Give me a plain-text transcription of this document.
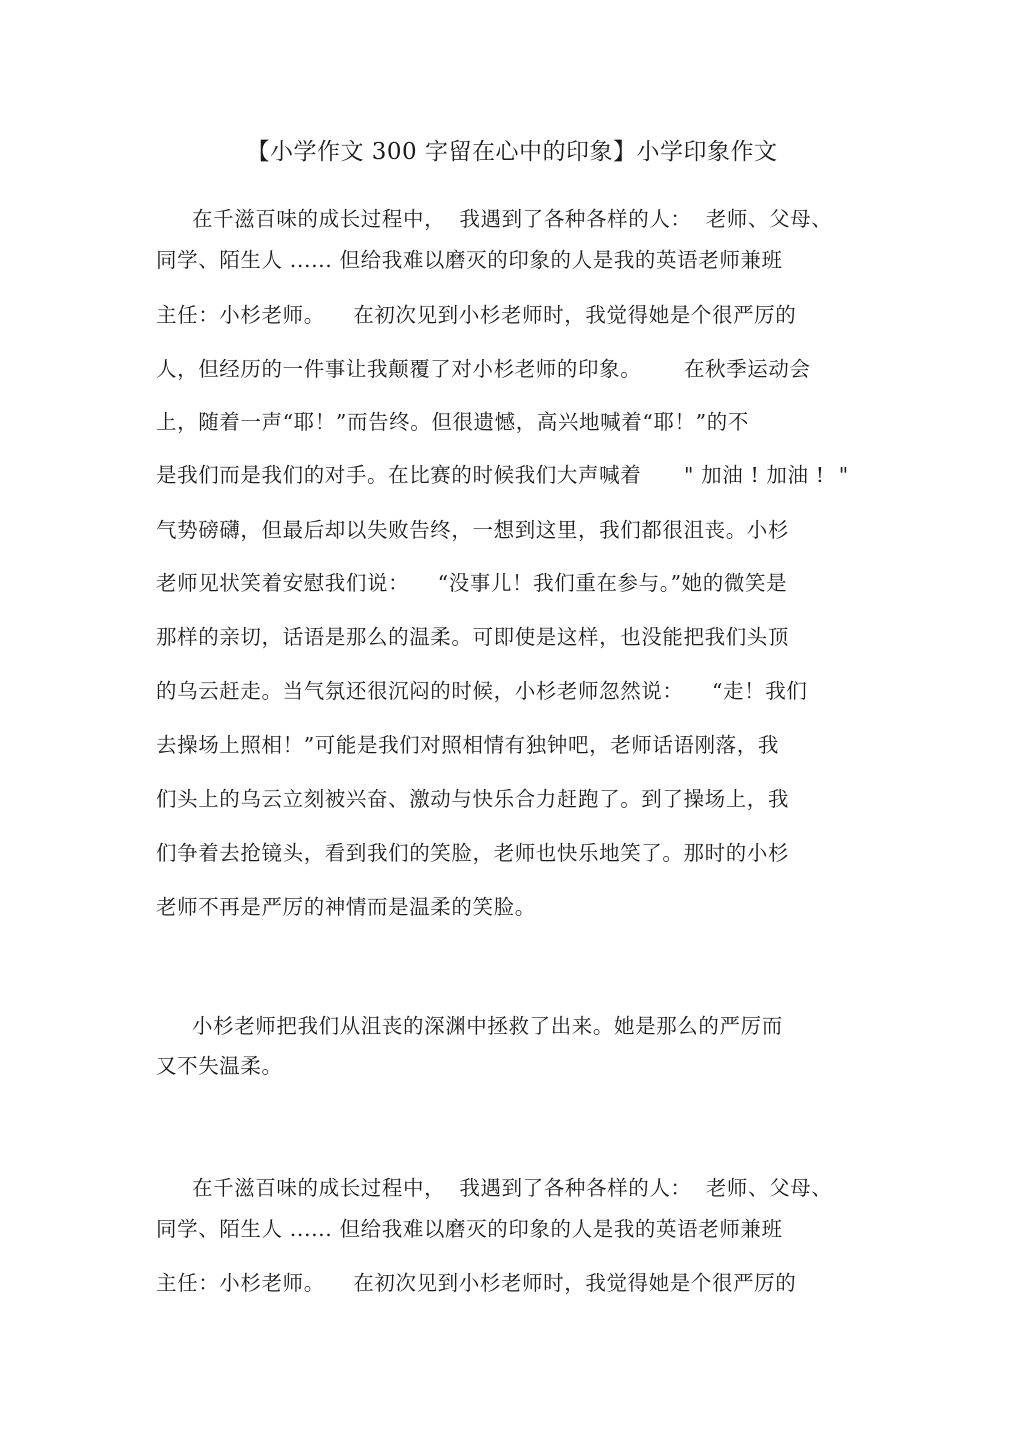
【小学作文 300 字留在心中的印象】小学印象作文
在千滋百味的成长过程中，  我遇到了各种各样的人：  老师、父母、
同学、陌生人 ...... 但给我难以磨灭的印象的人是我的英语老师兼班
主任：小杉老师。    在初次见到小杉老师时，我觉得她是个很严厉的
人，但经历的一件事让我颠覆了对小杉老师的印象。      在秋季运动会
上，随着一声“耶！”而告终。但很遗憾，高兴地喊着“耶！”的不
是我们而是我们的对手。在比赛的时候我们大声喊着      " 加油 ! 加油 !  "
气势磅礴，但最后却以失败告终，一想到这里，我们都很沮丧。小杉
老师见状笑着安慰我们说：    “没事儿！我们重在参与。”她的微笑是
那样的亲切，话语是那么的温柔。可即使是这样，也没能把我们头顶
的乌云赶走。当气氛还很沉闷的时候，小杉老师忽然说：    “走！我们
去操场上照相！”可能是我们对照相情有独钟吧，老师话语刚落，我
们头上的乌云立刻被兴奋、激动与快乐合力赶跑了。到了操场上，我
们争着去抢镜头，看到我们的笑脸，老师也快乐地笑了。那时的小杉
老师不再是严厉的神情而是温柔的笑脸。
小杉老师把我们从沮丧的深渊中拯救了出来。她是那么的严厉而
又不失温柔。
在千滋百味的成长过程中，  我遇到了各种各样的人：  老师、父母、
同学、陌生人 ...... 但给我难以磨灭的印象的人是我的英语老师兼班
主任：小杉老师。    在初次见到小杉老师时，我觉得她是个很严厉的
